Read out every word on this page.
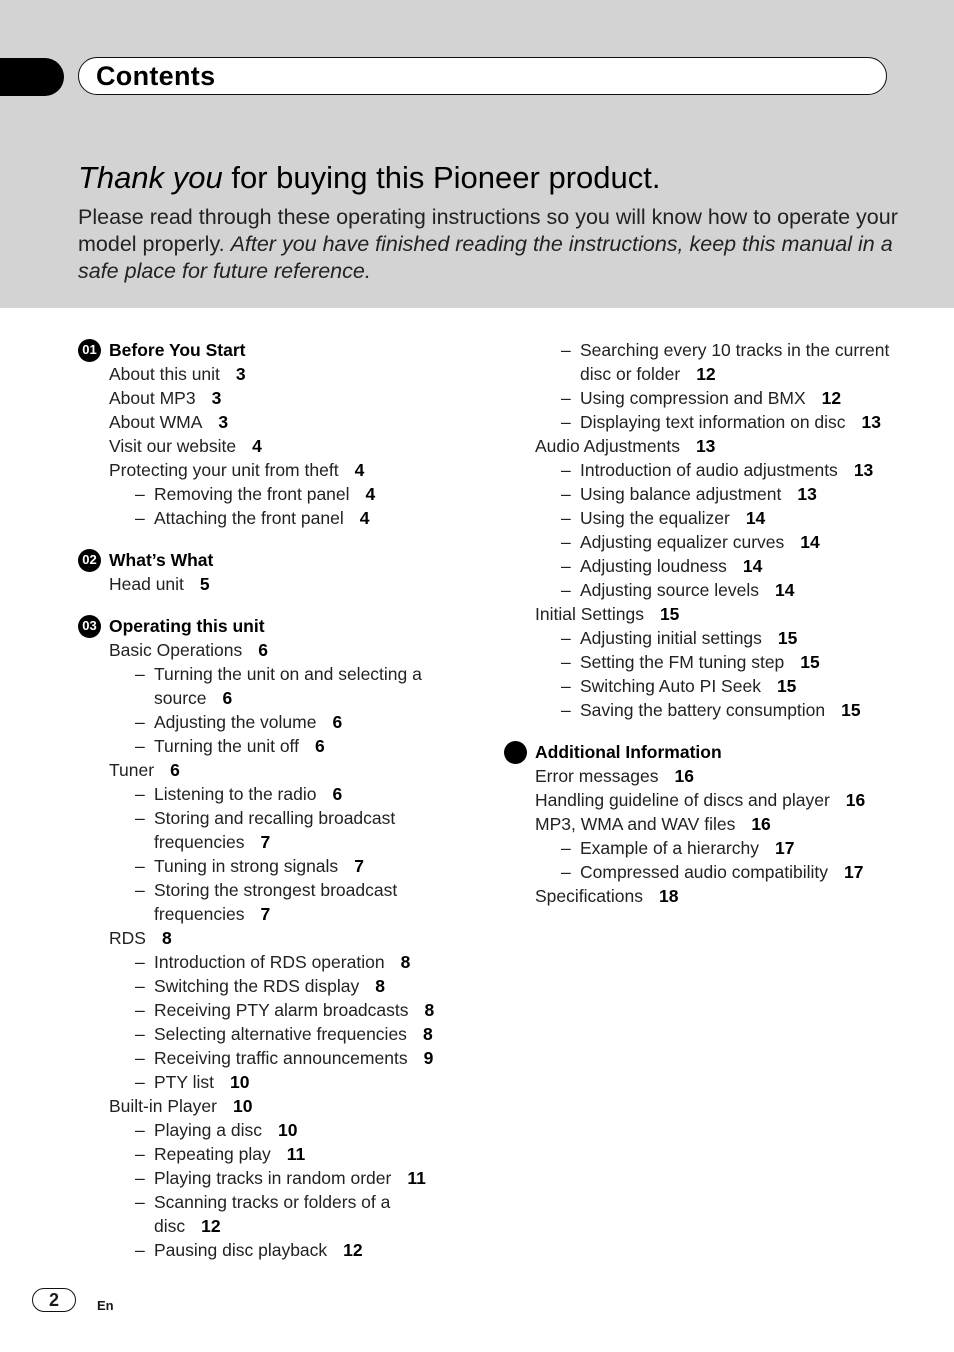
Contents
Thank you for buying this Pioneer product.
Please read through these operating instructions so you will know how to operate your model properly. After you have finished reading the instructions, keep this manual in a safe place for future reference.
01 Before You Start
About this unit 3
About MP3 3
About WMA 3
Visit our website 4
Protecting your unit from theft 4
– Removing the front panel 4
– Attaching the front panel 4
02 What’s What
Head unit 5
03 Operating this unit
Basic Operations 6
– Turning the unit on and selecting a source 6
– Adjusting the volume 6
– Turning the unit off 6
Tuner 6
– Listening to the radio 6
– Storing and recalling broadcast frequencies 7
– Tuning in strong signals 7
– Storing the strongest broadcast frequencies 7
RDS 8
– Introduction of RDS operation 8
– Switching the RDS display 8
– Receiving PTY alarm broadcasts 8
– Selecting alternative frequencies 8
– Receiving traffic announcements 9
– PTY list 10
Built-in Player 10
– Playing a disc 10
– Repeating play 11
– Playing tracks in random order 11
– Scanning tracks or folders of a disc 12
– Pausing disc playback 12
– Searching every 10 tracks in the current disc or folder 12
– Using compression and BMX 12
– Displaying text information on disc 13
Audio Adjustments 13
– Introduction of audio adjustments 13
– Using balance adjustment 13
– Using the equalizer 14
– Adjusting equalizer curves 14
– Adjusting loudness 14
– Adjusting source levels 14
Initial Settings 15
– Adjusting initial settings 15
– Setting the FM tuning step 15
– Switching Auto PI Seek 15
– Saving the battery consumption 15
Additional Information
Error messages 16
Handling guideline of discs and player 16
MP3, WMA and WAV files 16
– Example of a hierarchy 17
– Compressed audio compatibility 17
Specifications 18
2	En
